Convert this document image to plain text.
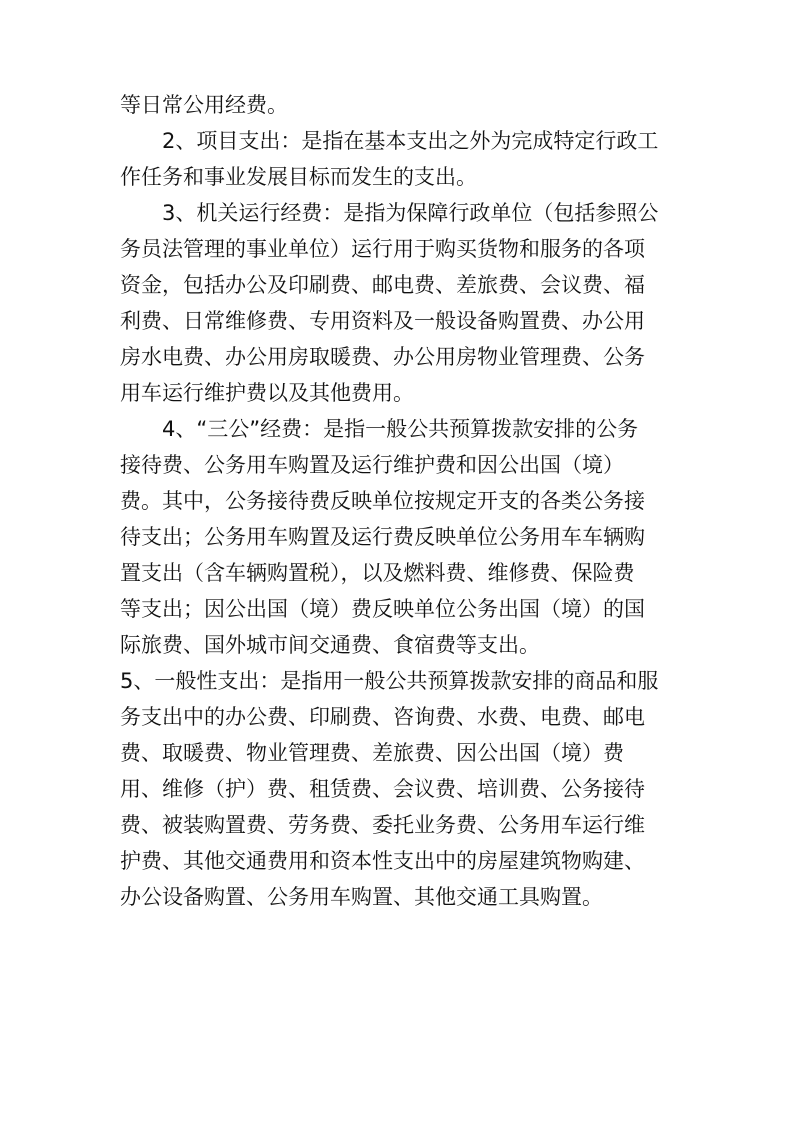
等日常公用经费。
2、项目支出：是指在基本支出之外为完成特定行政工
作任务和事业发展目标而发生的支出。
3、机关运行经费：是指为保障行政单位（包括参照公
务员法管理的事业单位）运行用于购买货物和服务的各项
资金，包括办公及印刷费、邮电费、差旅费、会议费、福
利费、日常维修费、专用资料及一般设备购置费、办公用
房水电费、办公用房取暖费、办公用房物业管理费、公务
用车运行维护费以及其他费用。
4、“三公”经费：是指一般公共预算拨款安排的公务
接待费、公务用车购置及运行维护费和因公出国（境）
费。其中，公务接待费反映单位按规定开支的各类公务接
待支出；公务用车购置及运行费反映单位公务用车车辆购
置支出（含车辆购置税），以及燃料费、维修费、保险费
等支出；因公出国（境）费反映单位公务出国（境）的国
际旅费、国外城市间交通费、食宿费等支出。
5、一般性支出：是指用一般公共预算拨款安排的商品和服
务支出中的办公费、印刷费、咨询费、水费、电费、邮电
费、取暖费、物业管理费、差旅费、因公出国（境）费
用、维修（护）费、租赁费、会议费、培训费、公务接待
费、被装购置费、劳务费、委托业务费、公务用车运行维
护费、其他交通费用和资本性支出中的房屋建筑物购建、
办公设备购置、公务用车购置、其他交通工具购置。
